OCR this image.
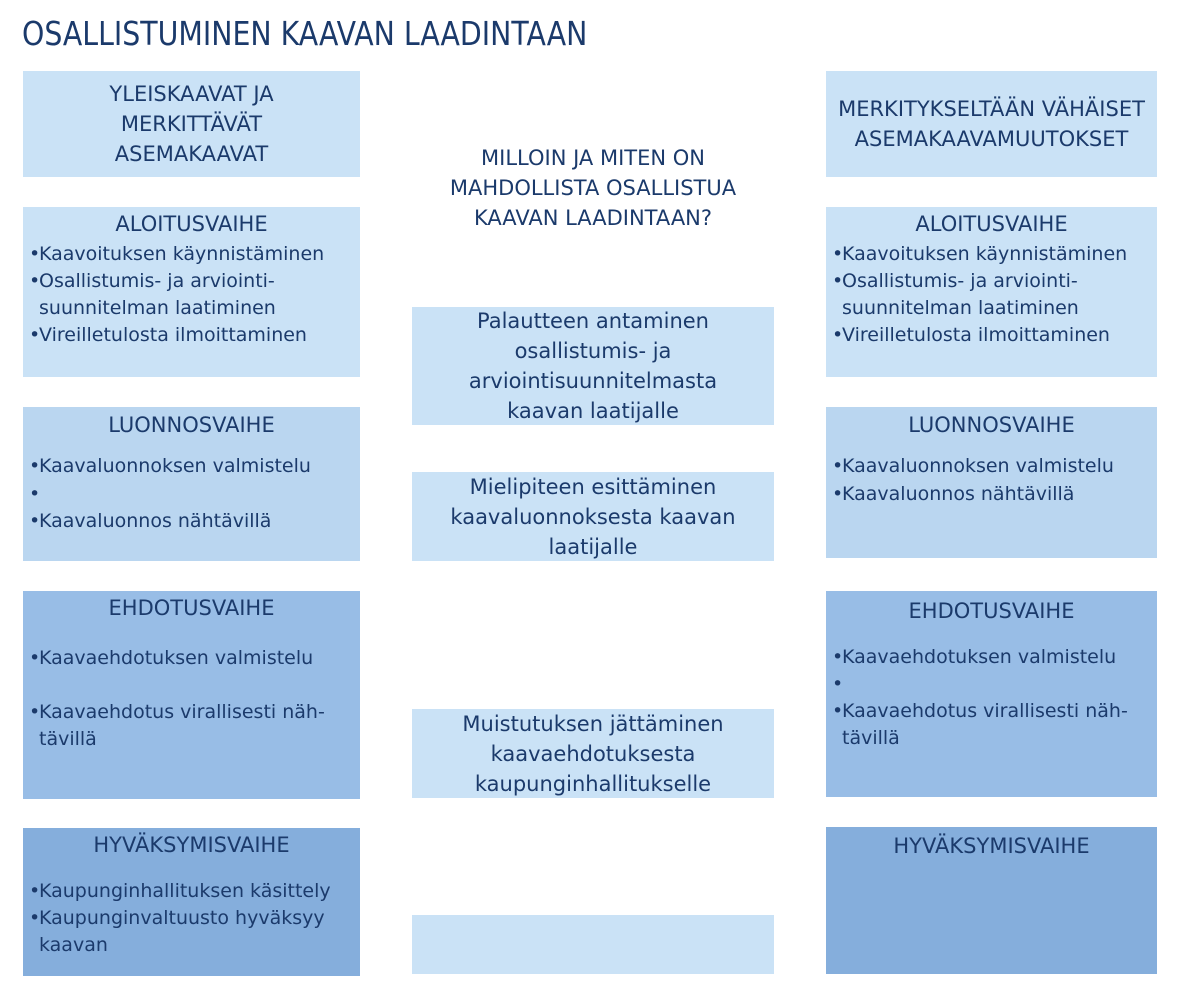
OSALLISTUMINEN KAAVAN LAADINTAAN
YLEISKAAVAT JA MERKITTÄVÄT ASEMAKAAVAT
ALOITUSVAIHE
•
Kaavoituksen käynnistäminen
•
Osallistumis- ja arviointi-suunnitelman laatiminen
•
Vireilletulosta ilmoittaminen
LUONNOSVAIHE
•
Kaavaluonnoksen valmistelu
•
•
Kaavaluonnos nähtävillä
EHDOTUSVAIHE
•
Kaavaehdotuksen valmistelu
•
Kaavaehdotus virallisesti näh-tävillä
HYVÄKSYMISVAIHE
•
Kaupunginhallituksen käsittely
•
Kaupunginvaltuusto hyväksyy kaavan
MILLOIN JA MITEN ON MAHDOLLISTA OSALLISTUA KAAVAN LAADINTAAN?
Palautteen antaminen osallistumis- ja arviointisuunnitelmasta kaavan laatijalle
Mielipiteen esittäminen kaavaluonnoksesta kaavan laatijalle
Muistutuksen jättäminen kaavaehdotuksesta kaupunginhallitukselle
MERKITYKSELTÄÄN VÄHÄISET ASEMAKAAVAMUUTOKSET
ALOITUSVAIHE
•
Kaavoituksen käynnistäminen
•
Osallistumis- ja arviointi-suunnitelman laatiminen
•
Vireilletulosta ilmoittaminen
LUONNOSVAIHE
•
Kaavaluonnoksen valmistelu
•
Kaavaluonnos nähtävillä
EHDOTUSVAIHE
•
Kaavaehdotuksen valmistelu
•
•
Kaavaehdotus virallisesti näh-tävillä
HYVÄKSYMISVAIHE
